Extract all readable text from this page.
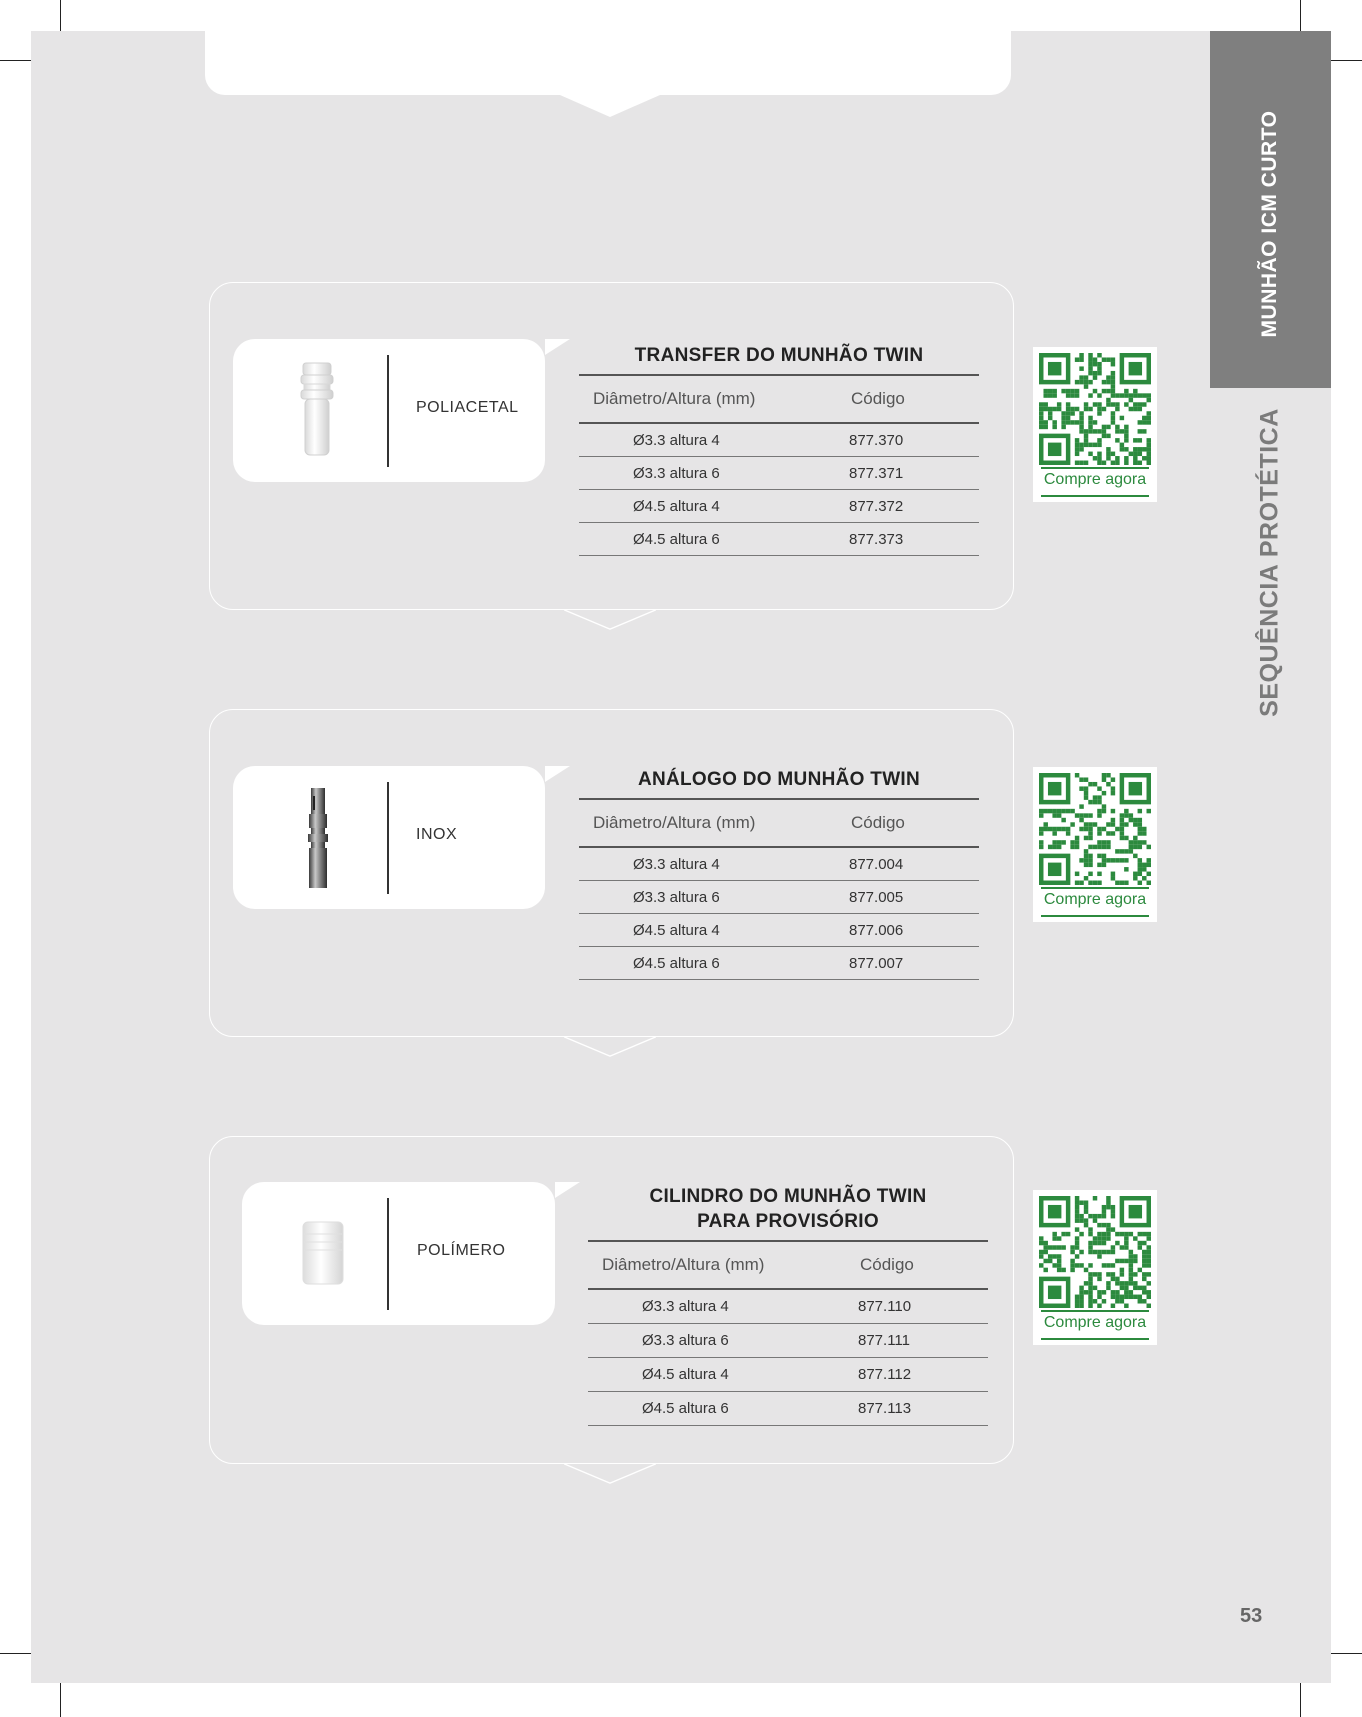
MUNHÃO ICM CURTO
SEQUÊNCIA PROTÉTICA
POLIACETAL
TRANSFER DO MUNHÃO TWIN
Diâmetro/Altura (mm)	Código
Ø3.3 altura 4	877.370
Ø3.3 altura 6	877.371
Ø4.5 altura 4	877.372
Ø4.5 altura 6	877.373
Compre agora
INOX
ANÁLOGO DO MUNHÃO TWIN
Diâmetro/Altura (mm)	Código
Ø3.3 altura 4	877.004
Ø3.3 altura 6	877.005
Ø4.5 altura 4	877.006
Ø4.5 altura 6	877.007
Compre agora
POLÍMERO
CILINDRO DO MUNHÃO TWIN
PARA PROVISÓRIO
Diâmetro/Altura (mm)	Código
Ø3.3 altura 4	877.110
Ø3.3 altura 6	877.111
Ø4.5 altura 4	877.112
Ø4.5 altura 6	877.113
Compre agora
53
